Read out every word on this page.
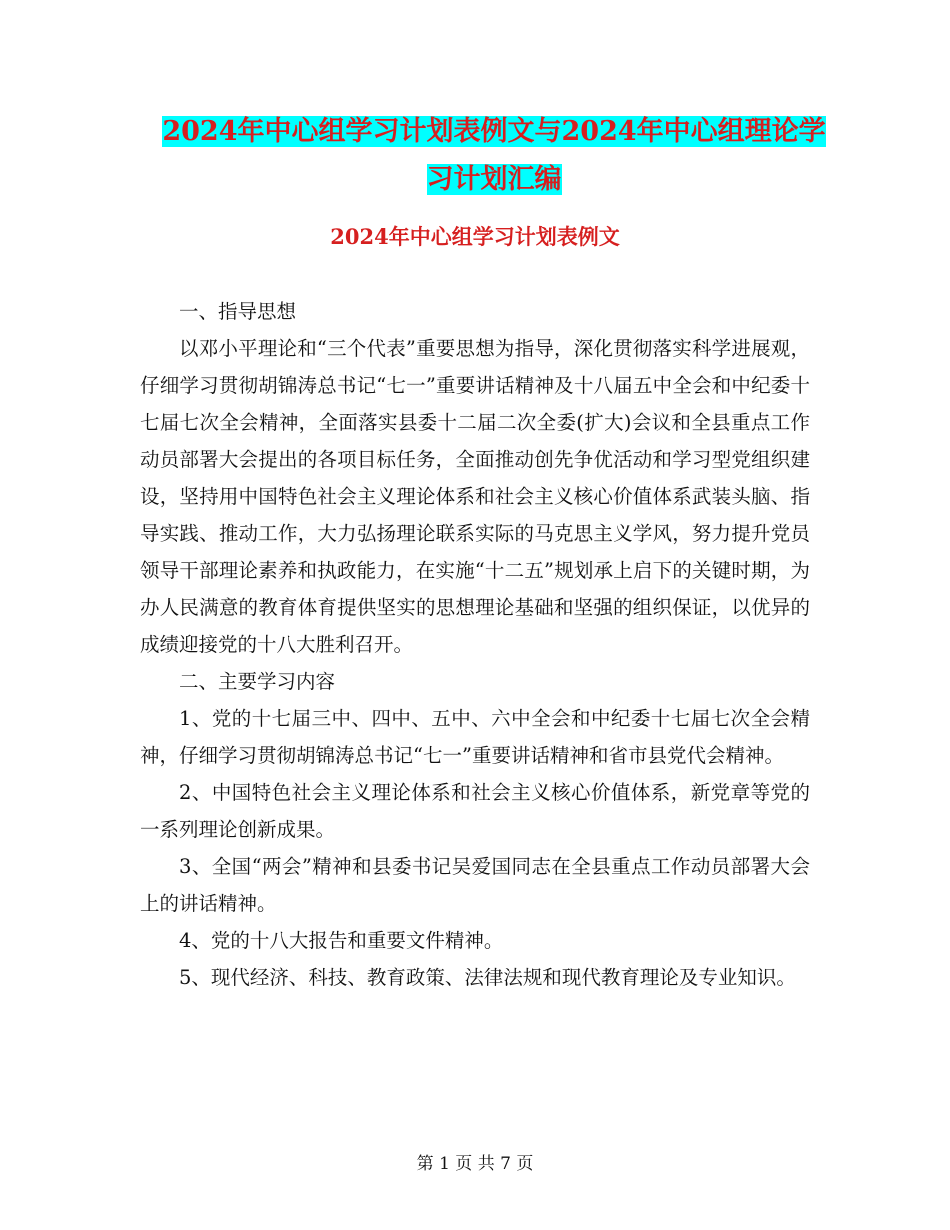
2024年中心组学习计划表例文与2024年中心组理论学
习计划汇编
2024年中心组学习计划表例文

一、指导思想

以邓小平理论和“三个代表”重要思想为指导，深化贯彻落实科学进展观，仔细学习贯彻胡锦涛总书记“七一”重要讲话精神及十八届五中全会和中纪委十七届七次全会精神，全面落实县委十二届二次全委(扩大)会议和全县重点工作动员部署大会提出的各项目标任务，全面推动创先争优活动和学习型党组织建设，坚持用中国特色社会主义理论体系和社会主义核心价值体系武装头脑、指导实践、推动工作，大力弘扬理论联系实际的马克思主义学风，努力提升党员领导干部理论素养和执政能力，在实施“十二五”规划承上启下的关键时期，为办人民满意的教育体育提供坚实的思想理论基础和坚强的组织保证，以优异的成绩迎接党的十八大胜利召开。

二、主要学习内容

1、党的十七届三中、四中、五中、六中全会和中纪委十七届七次全会精神，仔细学习贯彻胡锦涛总书记“七一”重要讲话精神和省市县党代会精神。

2、中国特色社会主义理论体系和社会主义核心价值体系，新党章等党的一系列理论创新成果。

3、全国“两会”精神和县委书记吴爱国同志在全县重点工作动员部署大会上的讲话精神。

4、党的十八大报告和重要文件精神。

5、现代经济、科技、教育政策、法律法规和现代教育理论及专业知识。

第 1 页 共 7 页
